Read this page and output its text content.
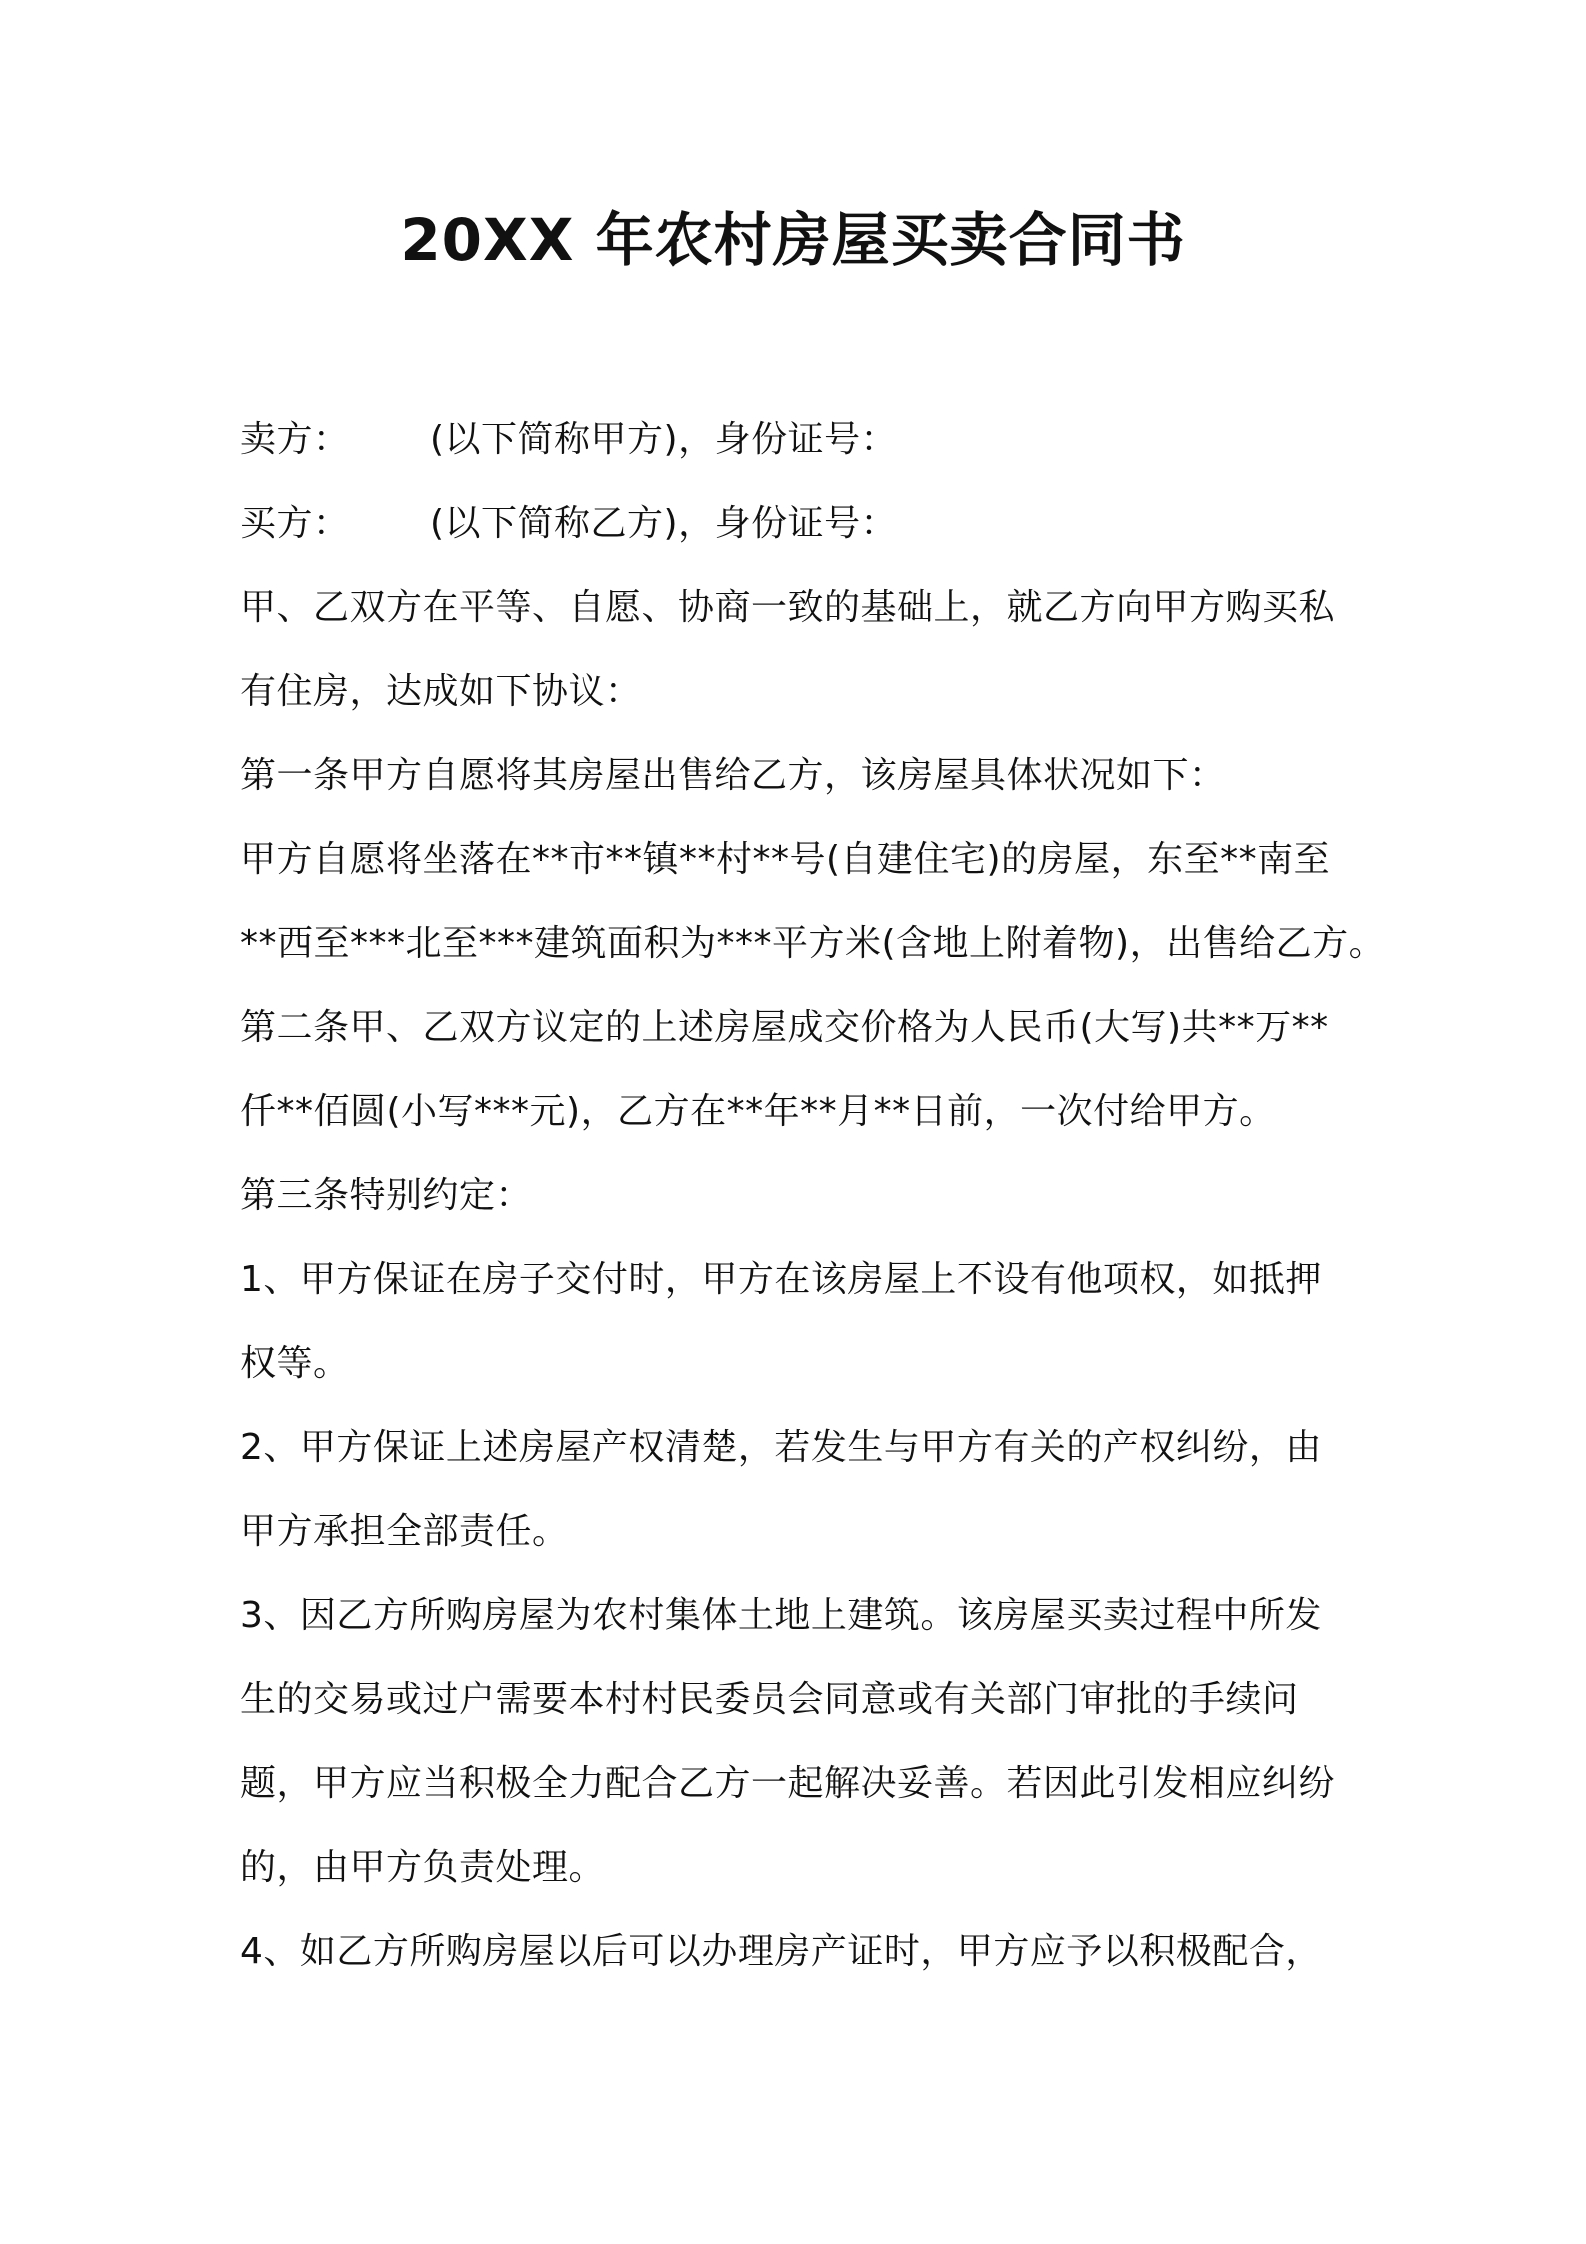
20XX 年农村房屋买卖合同书
卖方： (以下简称甲方)，身份证号：
买方： (以下简称乙方)，身份证号：
甲、乙双方在平等、自愿、协商一致的基础上，就乙方向甲方购买私
有住房，达成如下协议：
第一条甲方自愿将其房屋出售给乙方，该房屋具体状况如下：
甲方自愿将坐落在**市**镇**村**号(自建住宅)的房屋，东至**南至
**西至***北至***建筑面积为***平方米(含地上附着物)，出售给乙方。
第二条甲、乙双方议定的上述房屋成交价格为人民币(大写)共**万**
仟**佰圆(小写***元)，乙方在**年**月**日前，一次付给甲方。
第三条特别约定：
1、甲方保证在房子交付时，甲方在该房屋上不设有他项权，如抵押
权等。
2、甲方保证上述房屋产权清楚，若发生与甲方有关的产权纠纷，由
甲方承担全部责任。
3、因乙方所购房屋为农村集体土地上建筑。该房屋买卖过程中所发
生的交易或过户需要本村村民委员会同意或有关部门审批的手续问
题，甲方应当积极全力配合乙方一起解决妥善。若因此引发相应纠纷
的，由甲方负责处理。
4、如乙方所购房屋以后可以办理房产证时，甲方应予以积极配合，
